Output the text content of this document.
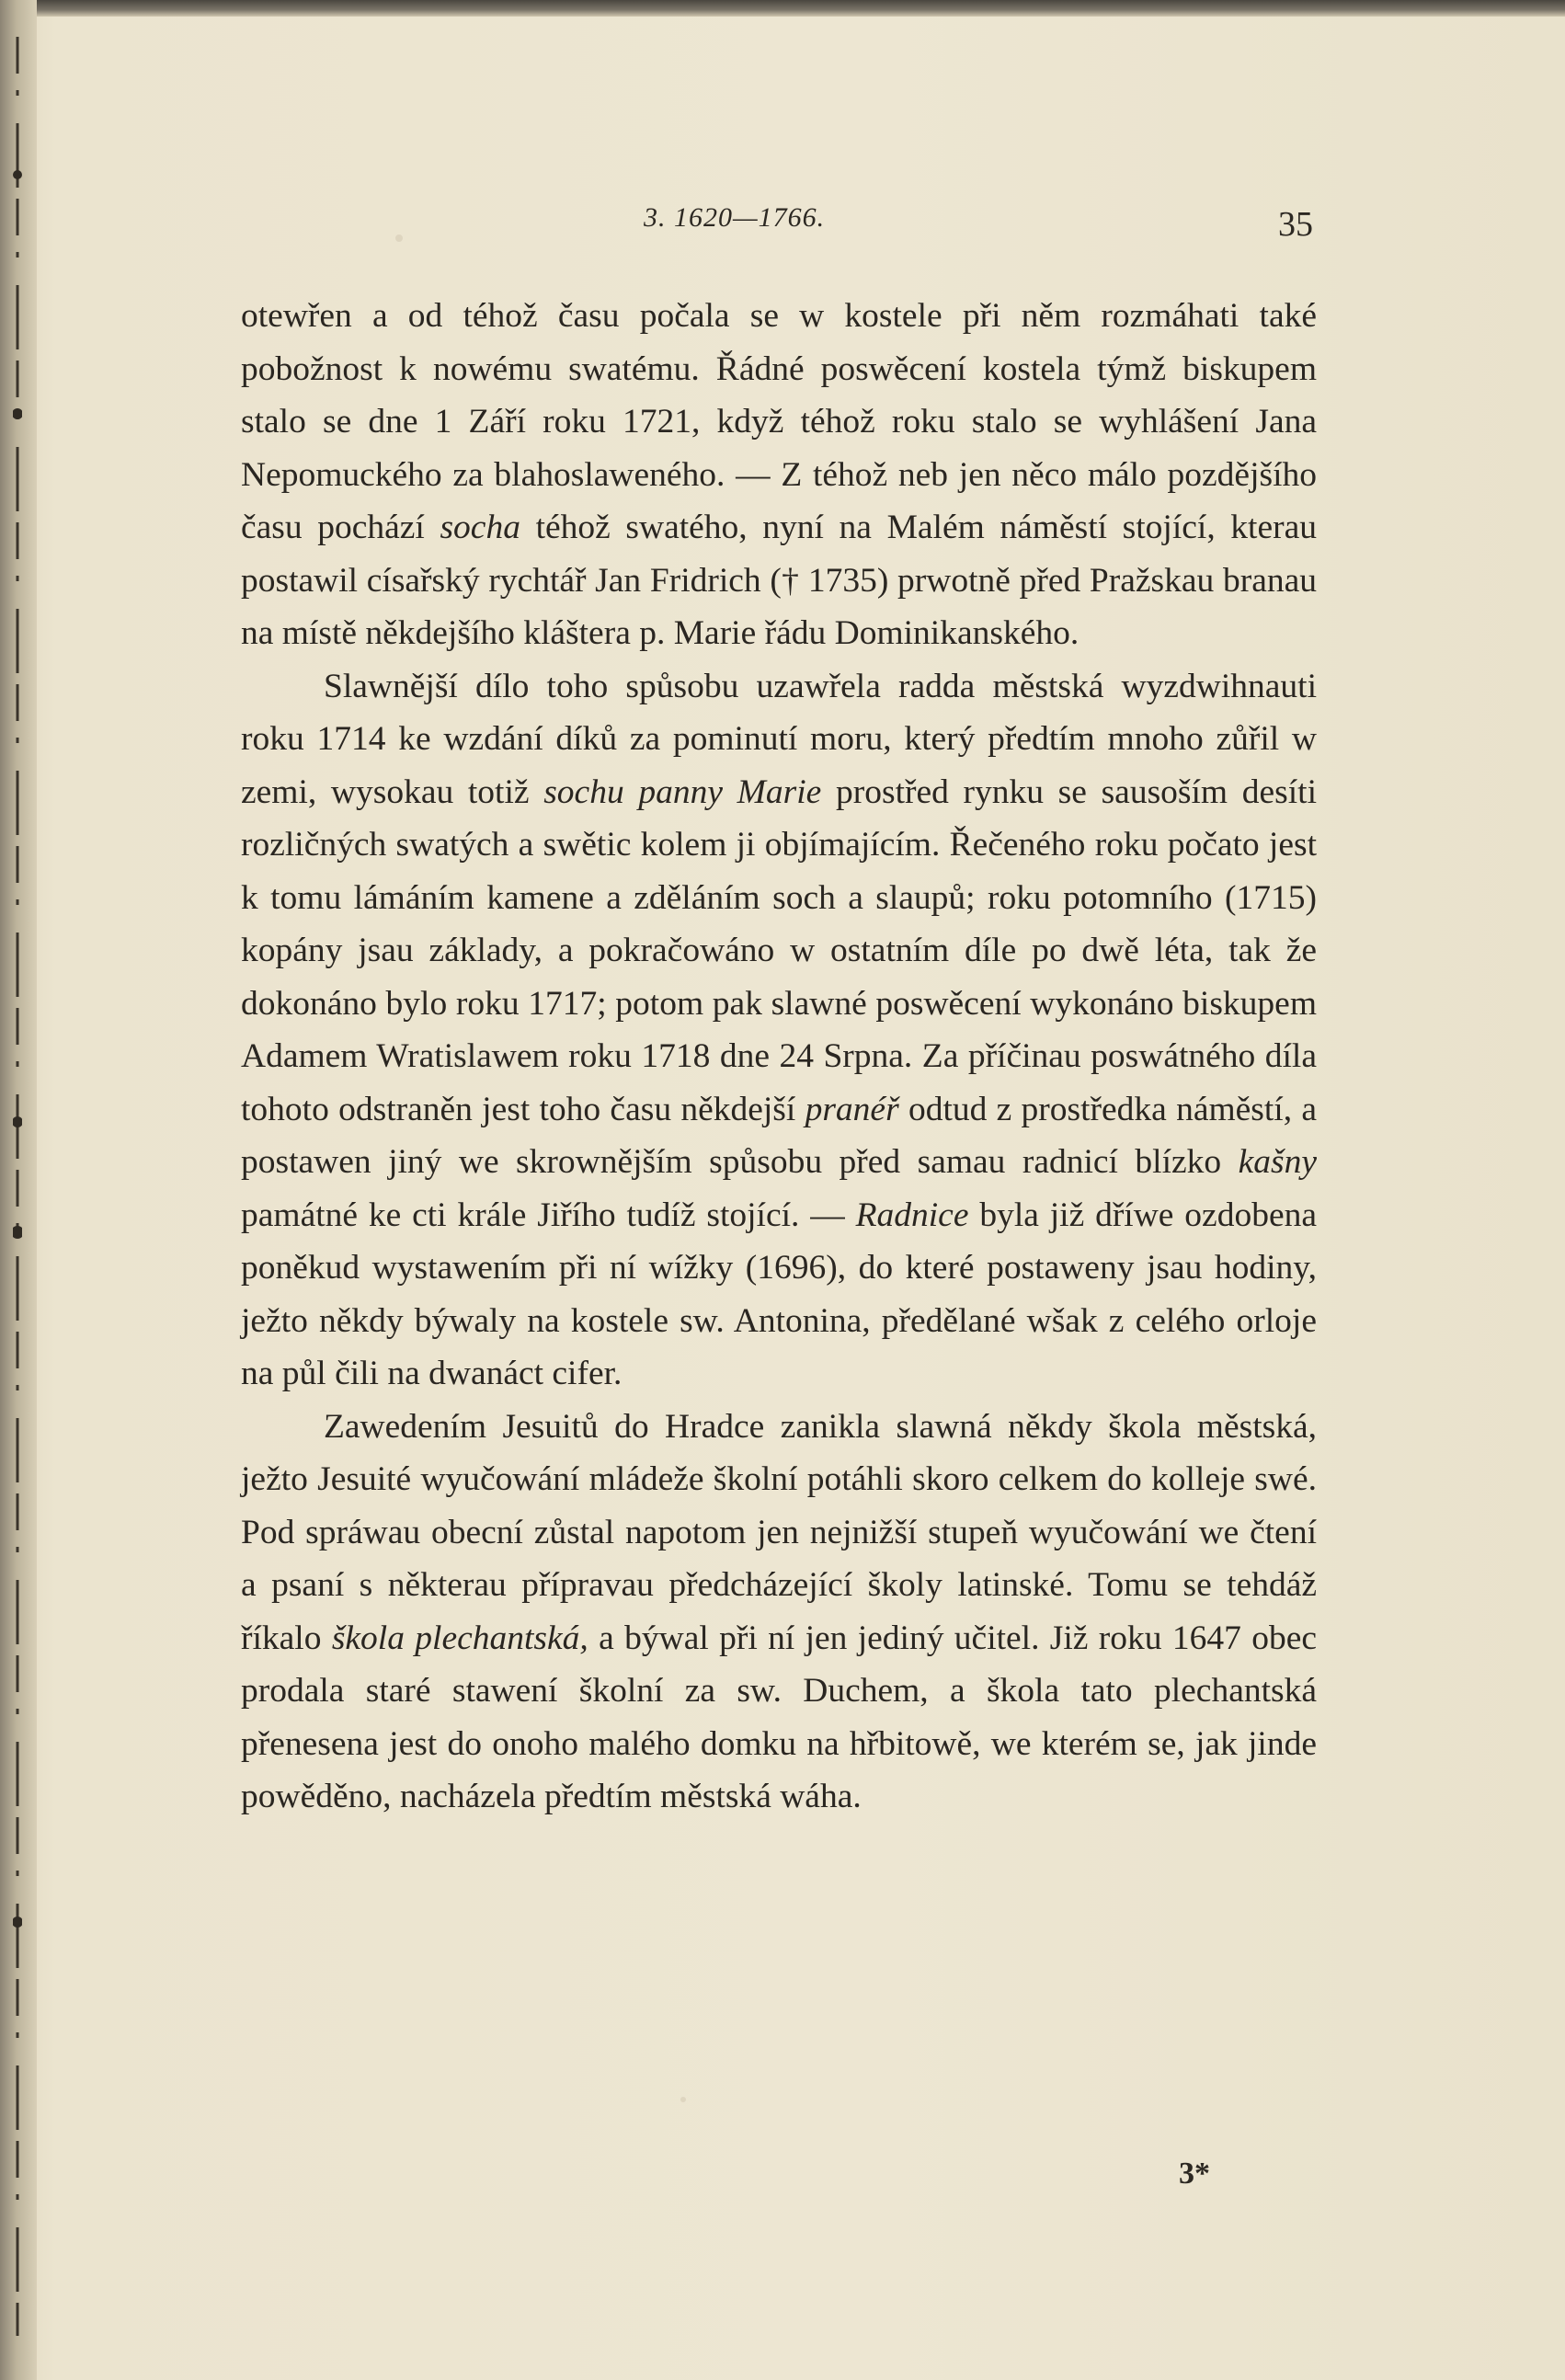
3. 1620—1766.	35

otewřen a od téhož času počala se w kostele při něm rozmáhati také pobožnost k nowému swatému. Řádné poswěcení kostela týmž biskupem stalo se dne 1 Září roku 1721, když téhož roku stalo se wyhlášení Jana Nepomuckého za blahoslaweného. — Z téhož neb jen něco málo pozdějšího času pochází socha téhož swatého, nyní na Malém náměstí stojící, kterau postawil císařský rychtář Jan Fridrich († 1735) prwotně před Pražskau branau na místě někdejšího kláštera p. Marie řádu Dominikanského.

Slawnější dílo toho spůsobu uzawřela radda městská wyzdwihnauti roku 1714 ke wzdání díků za pominutí moru, který předtím mnoho zůřil w zemi, wysokau totiž sochu panny Marie prostřed rynku se sausoším desíti rozličných swatých a swětic kolem ji objímajícím. Řečeného roku počato jest k tomu lámáním kamene a zděláním soch a slaupů; roku potomního (1715) kopány jsau základy, a pokračowáno w ostatním díle po dwě léta, tak že dokonáno bylo roku 1717; potom pak slawné poswěcení wykonáno biskupem Adamem Wratislawem roku 1718 dne 24 Srpna. Za příčinau poswátného díla tohoto odstraněn jest toho času někdejší pranéř odtud z prostředka náměstí, a postawen jiný we skrownějším spůsobu před samau radnicí blízko kašny památné ke cti krále Jiřího tudíž stojící. — Radnice byla již dříwe ozdobena poněkud wystawením při ní wížky (1696), do které postaweny jsau hodiny, ježto někdy býwaly na kostele sw. Antonina, předělané wšak z celého orloje na půl čili na dwanáct cifer.

Zawedením Jesuitů do Hradce zanikla slawná někdy škola městská, ježto Jesuité wyučowání mládeže školní potáhli skoro celkem do kolleje swé. Pod spráwau obecní zůstal napotom jen nejnižší stupeň wyučowání we čtení a psaní s některau přípravau předcházející školy latinské. Tomu se tehdáž říkalo škola plechantská, a býwal při ní jen jediný učitel. Již roku 1647 obec prodala staré stawení školní za sw. Duchem, a škola tato plechantská přenesena jest do onoho malého domku na hřbitowě, we kterém se, jak jinde powěděno, nacházela předtím městská wáha.

3*
